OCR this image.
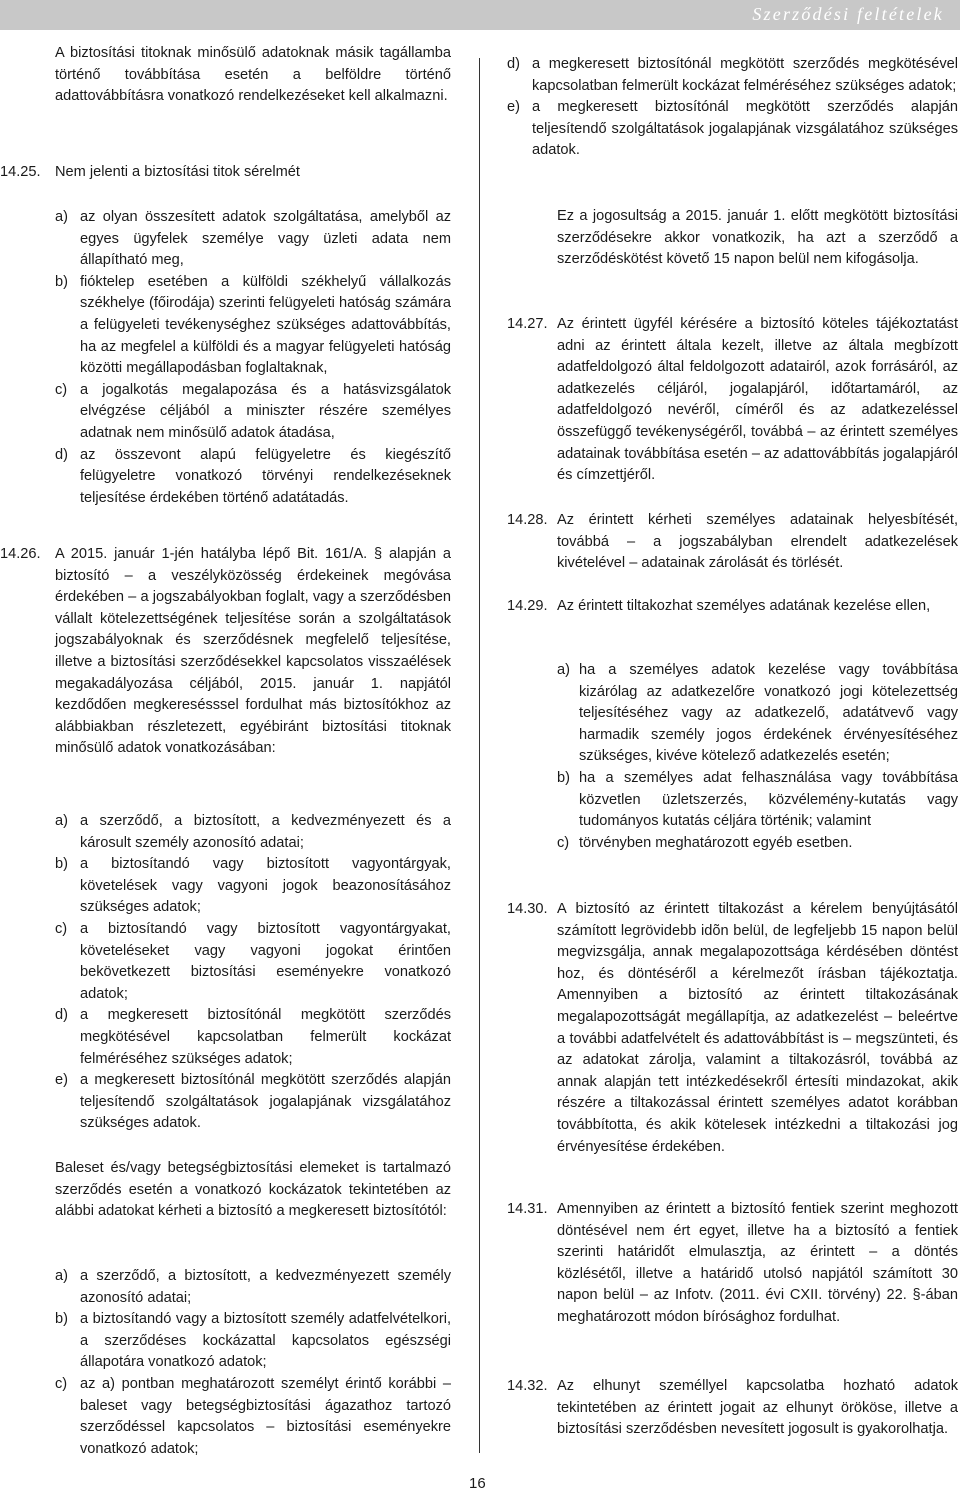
Szerződési feltételek

A biztosítási titoknak minősülő adatoknak másik tagállamba történő továbbítása esetén a belföldre történő adattovábbításra vonatkozó rendelkezéseket kell alkalmazni.

14.25. Nem jelenti a biztosítási titok sérelmét

a) az olyan összesített adatok szolgáltatása, amelyből az egyes ügyfelek személye vagy üzleti adata nem állapítható meg,
b) fióktelep esetében a külföldi székhelyű vállalkozás székhelye (főirodája) szerinti felügyeleti hatóság számára a felügyeleti tevékenységhez szükséges adattovábbítás, ha az megfelel a külföldi és a magyar felügyeleti hatóság közötti megállapodásban foglaltaknak,
c) a jogalkotás megalapozása és a hatásvizsgálatok elvégzése céljából a miniszter részére személyes adatnak nem minősülő adatok átadása,
d) az összevont alapú felügyeletre és kiegészítő felügyeletre vonatkozó törvényi rendelkezéseknek teljesítése érdekében történő adatátadás.

14.26. A 2015. január 1-jén hatályba lépő Bit. 161/A. § alapján a biztosító – a veszélyközösség érdekeinek megóvása érdekében – a jogszabályokban foglalt, vagy a szerződésben vállalt kötelezettségének teljesítése során a szolgáltatások jogszabályoknak és szerződésnek megfelelő teljesítése, illetve a biztosítási szerződésekkel kapcsolatos visszaélések megakadályozása céljából, 2015. január 1. napjától kezdődően megkeresésssel fordulhat más biztosítókhoz az alábbiakban részletezett, egyébiránt biztosítási titoknak minősülő adatok vonatkozásában:

a) a szerződő, a biztosított, a kedvezményezett és a károsult személy azonosító adatai;
b) a biztosítandó vagy biztosított vagyontárgyak, követelések vagy vagyoni jogok beazonosításához szükséges adatok;
c) a biztosítandó vagy biztosított vagyontárgyakat, követeléseket vagy vagyoni jogokat érintően bekövetkezett biztosítási eseményekre vonatkozó adatok;
d) a megkeresett biztosítónál megkötött szerződés megkötésével kapcsolatban felmerült kockázat felméréséhez szükséges adatok;
e) a megkeresett biztosítónál megkötött szerződés alapján teljesítendő szolgáltatások jogalapjának vizsgálatához szükséges adatok.

Baleset és/vagy betegségbiztosítási elemeket is tartalmazó szerződés esetén a vonatkozó kockázatok tekintetében az alábbi adatokat kérheti a biztosító a megkeresett biztosítótól:

a) a szerződő, a biztosított, a kedvezményezett személy azonosító adatai;
b) a biztosítandó vagy a biztosított személy adatfelvételkori, a szerződéses kockázattal kapcsolatos egészségi állapotára vonatkozó adatok;
c) az a) pontban meghatározott személyt érintő korábbi – baleset vagy betegségbiztosítási ágazathoz tartozó szerződéssel kapcsolatos – biztosítási eseményekre vonatkozó adatok;
d) a megkeresett biztosítónál megkötött szerződés megkötésével kapcsolatban felmerült kockázat felméréséhez szükséges adatok;
e) a megkeresett biztosítónál megkötött szerződés alapján teljesítendő szolgáltatások jogalapjának vizsgálatához szükséges adatok.

Ez a jogosultság a 2015. január 1. előtt megkötött biztosítási szerződésekre akkor vonatkozik, ha azt a szerződő a szerződéskötést követő 15 napon belül nem kifogásolja.

14.27. Az érintett ügyfél kérésére a biztosító köteles tájékoztatást adni az érintett általa kezelt, illetve az általa megbízott adatfeldolgozó által feldolgozott adatairól, azok forrásáról, az adatkezelés céljáról, jogalapjáról, időtartamáról, az adatfeldolgozó nevéről, címéről és az adatkezeléssel összefüggő tevékenységéről, továbbá – az érintett személyes adatainak továbbítása esetén – az adattovábbítás jogalapjáról és címzettjéről.
14.28. Az érintett kérheti személyes adatainak helyesbítését, továbbá – a jogszabályban elrendelt adatkezelések kivételével – adatainak zárolását és törlését.
14.29. Az érintett tiltakozhat személyes adatának kezelése ellen,
a) ha a személyes adatok kezelése vagy továbbítása kizárólag az adatkezelőre vonatkozó jogi kötelezettség teljesítéséhez vagy az adatkezelő, adatátvevő vagy harmadik személy jogos érdekének érvényesítéséhez szükséges, kivéve kötelező adatkezelés esetén;
b) ha a személyes adat felhasználása vagy továbbítása közvetlen üzletszerzés, közvélemény-kutatás vagy tudományos kutatás céljára történik; valamint
c) törvényben meghatározott egyéb esetben.
14.30. A biztosító az érintett tiltakozást a kérelem benyújtásától számított legrövidebb idõn belül, de legfeljebb 15 napon belül megvizsgálja, annak megalapozottsága kérdésében döntést hoz, és döntéséről a kérelmezőt írásban tájékoztatja. Amennyiben a biztosító az érintett tiltakozásának megalapozottságát megállapítja, az adatkezelést – beleértve a további adatfelvételt és adattovábbítást is – megszünteti, és az adatokat zárolja, valamint a tiltakozásról, továbbá az annak alapján tett intézkedésekről értesíti mindazokat, akik részére a tiltakozással érintett személyes adatot korábban továbbította, és akik kötelesek intézkedni a tiltakozási jog érvényesítése érdekében.
14.31. Amennyiben az érintett a biztosító fentiek szerint meghozott döntésével nem ért egyet, illetve ha a biztosító a fentiek szerinti határidőt elmulasztja, az érintett – a döntés közlésétől, illetve a határidő utolsó napjától számított 30 napon belül – az Infotv. (2011. évi CXII. törvény) 22. §-ában meghatározott módon bírósághoz fordulhat.
14.32. Az elhunyt személlyel kapcsolatba hozható adatok tekintetében az érintett jogait az elhunyt örököse, illetve a biztosítási szerződésben nevesített jogosult is gyakorolhatja.
16
